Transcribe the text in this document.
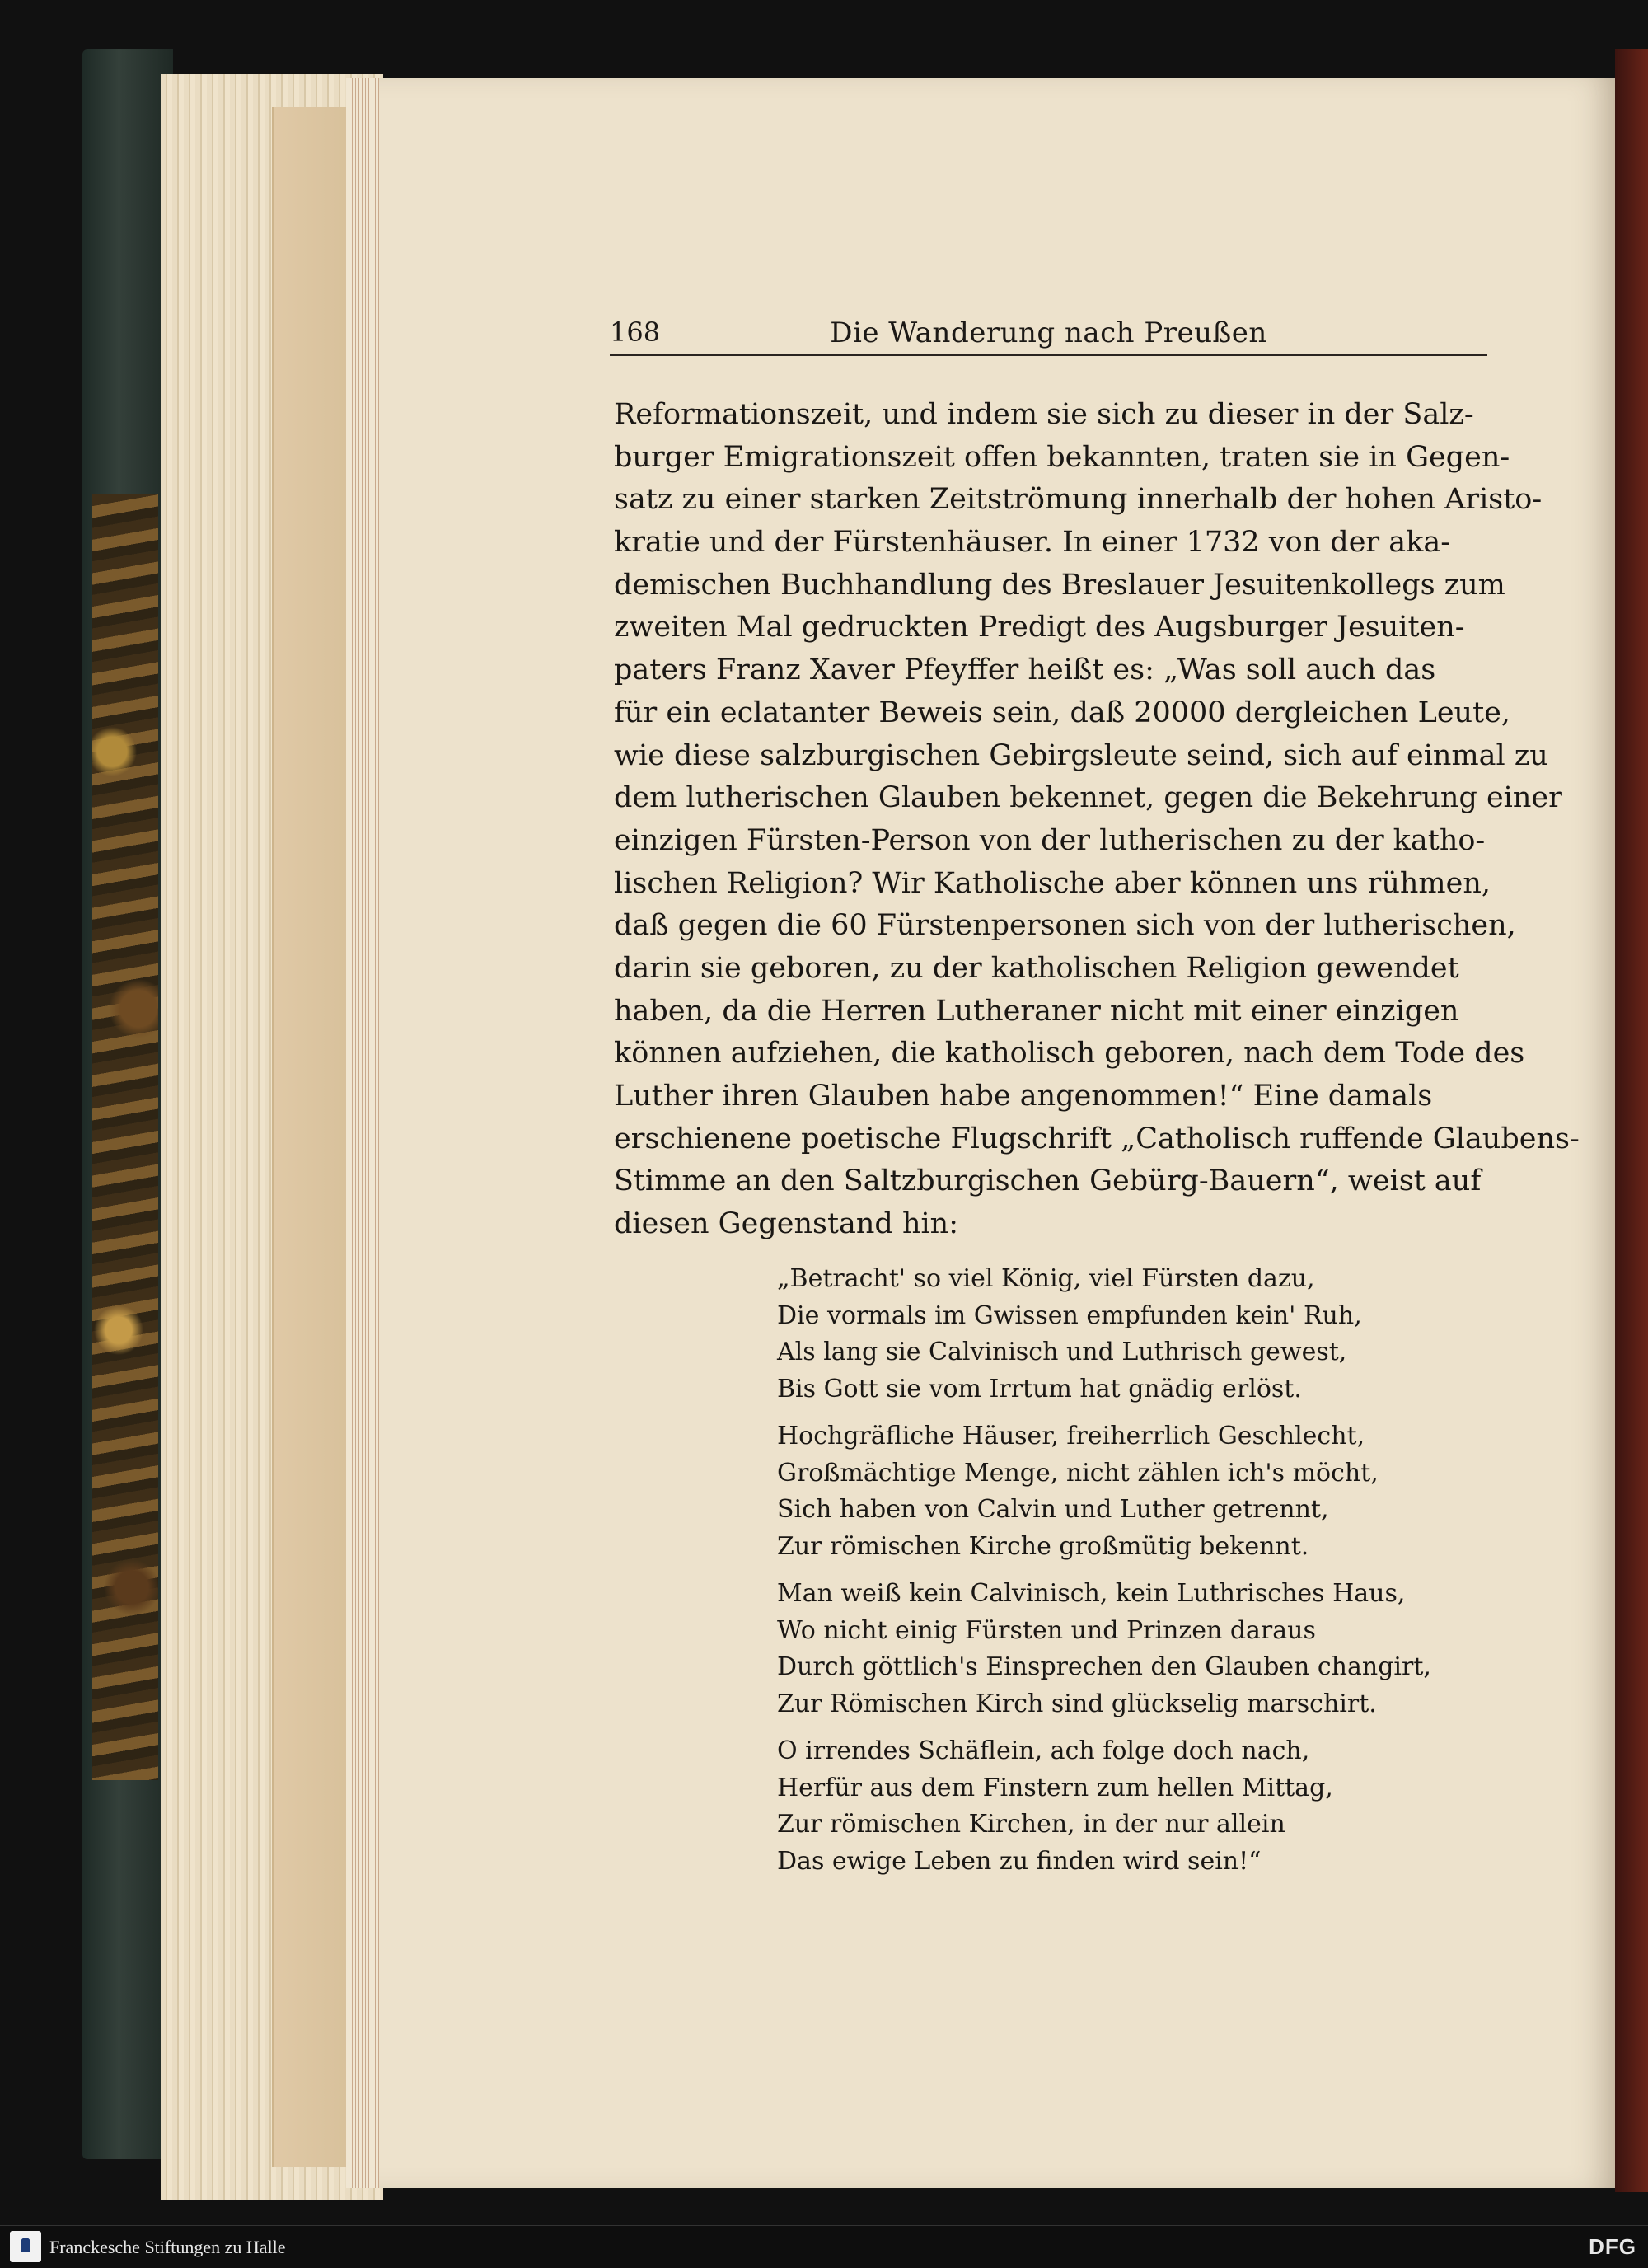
168	Die Wanderung nach Preußen
Reformationszeit, und indem sie sich zu dieser in der Salz-
burger Emigrationszeit offen bekannten, traten sie in Gegen-
satz zu einer starken Zeitströmung innerhalb der hohen Aristo-
kratie und der Fürstenhäuser. In einer 1732 von der aka-
demischen Buchhandlung des Breslauer Jesuitenkollegs zum
zweiten Mal gedruckten Predigt des Augsburger Jesuiten-
paters Franz Xaver Pfeyffer heißt es: „Was soll auch das
für ein eclatanter Beweis sein, daß 20000 dergleichen Leute,
wie diese salzburgischen Gebirgsleute seind, sich auf einmal zu
dem lutherischen Glauben bekennet, gegen die Bekehrung einer
einzigen Fürsten-Person von der lutherischen zu der katho-
lischen Religion? Wir Katholische aber können uns rühmen,
daß gegen die 60 Fürstenpersonen sich von der lutherischen,
darin sie geboren, zu der katholischen Religion gewendet
haben, da die Herren Lutheraner nicht mit einer einzigen
können aufziehen, die katholisch geboren, nach dem Tode des
Luther ihren Glauben habe angenommen!“ Eine damals
erschienene poetische Flugschrift „Catholisch ruffende Glaubens-
Stimme an den Saltzburgischen Gebürg-Bauern“, weist auf
diesen Gegenstand hin:
„Betracht' so viel König, viel Fürsten dazu,
Die vormals im Gwissen empfunden kein' Ruh,
Als lang sie Calvinisch und Luthrisch gewest,
Bis Gott sie vom Irrtum hat gnädig erlöst.
Hochgräfliche Häuser, freiherrlich Geschlecht,
Großmächtige Menge, nicht zählen ich's möcht,
Sich haben von Calvin und Luther getrennt,
Zur römischen Kirche großmütig bekennt.
Man weiß kein Calvinisch, kein Luthrisches Haus,
Wo nicht einig Fürsten und Prinzen daraus
Durch göttlich's Einsprechen den Glauben changirt,
Zur Römischen Kirch sind glückselig marschirt.
O irrendes Schäflein, ach folge doch nach,
Herfür aus dem Finstern zum hellen Mittag,
Zur römischen Kirchen, in der nur allein
Das ewige Leben zu finden wird sein!“
Franckesche Stiftungen zu Halle	DFG
